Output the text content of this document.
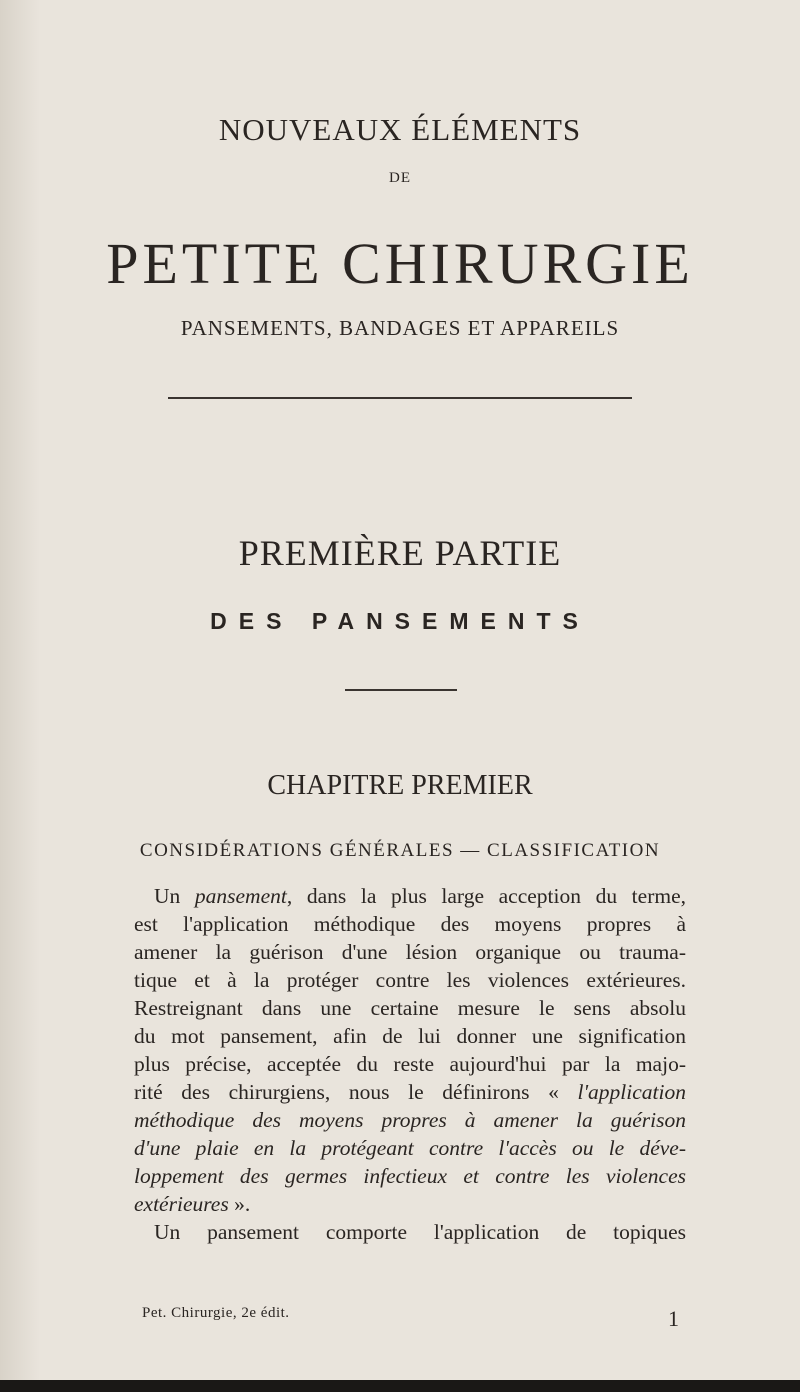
NOUVEAUX ÉLÉMENTS
DE
PETITE CHIRURGIE
PANSEMENTS, BANDAGES ET APPAREILS
PREMIÈRE PARTIE
DES PANSEMENTS
CHAPITRE PREMIER
CONSIDÉRATIONS GÉNÉRALES — CLASSIFICATION
Un pansement, dans la plus large acception du terme,
est l'application méthodique des moyens propres à
amener la guérison d'une lésion organique ou trauma-
tique et à la protéger contre les violences extérieures.
Restreignant dans une certaine mesure le sens absolu
du mot pansement, afin de lui donner une signification
plus précise, acceptée du reste aujourd'hui par la majo-
rité des chirurgiens, nous le définirons « l'application
méthodique des moyens propres à amener la guérison
d'une plaie en la protégeant contre l'accès ou le déve-
loppement des germes infectieux et contre les violences
extérieures ».
Un pansement comporte l'application de topiques
Pet. Chirurgie, 2e édit.	1
